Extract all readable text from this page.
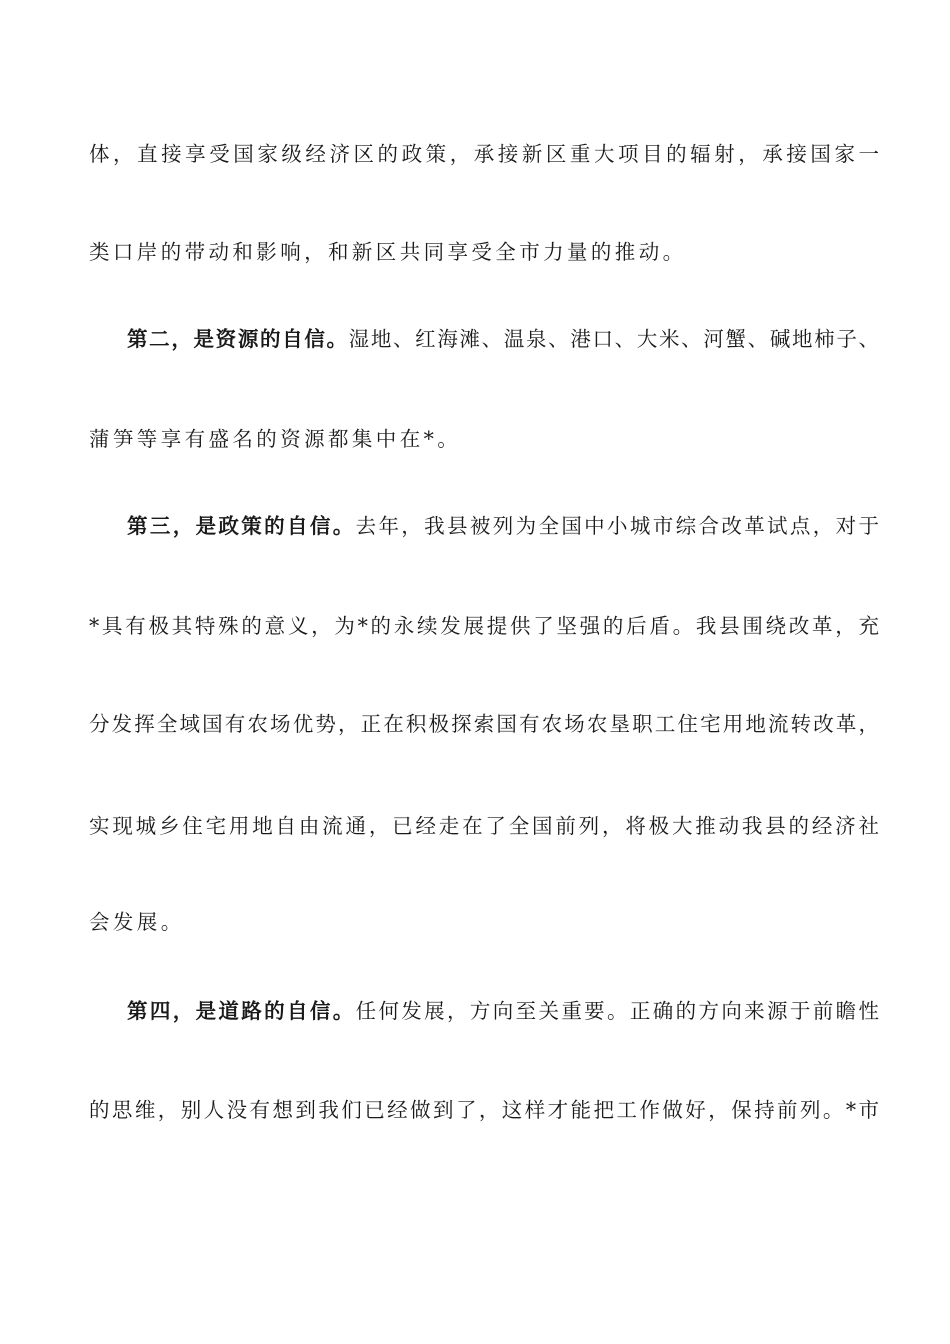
体，直接享受国家级经济区的政策，承接新区重大项目的辐射，承接国家一
类口岸的带动和影响，和新区共同享受全市力量的推动。
第二，是资源的自信。湿地、红海滩、温泉、港口、大米、河蟹、碱地柿子、
蒲笋等享有盛名的资源都集中在*。
第三，是政策的自信。去年，我县被列为全国中小城市综合改革试点，对于
*具有极其特殊的意义，为*的永续发展提供了坚强的后盾。我县围绕改革，充
分发挥全域国有农场优势，正在积极探索国有农场农垦职工住宅用地流转改革，
实现城乡住宅用地自由流通，已经走在了全国前列，将极大推动我县的经济社
会发展。
第四，是道路的自信。任何发展，方向至关重要。正确的方向来源于前瞻性
的思维，别人没有想到我们已经做到了，这样才能把工作做好，保持前列。*市
